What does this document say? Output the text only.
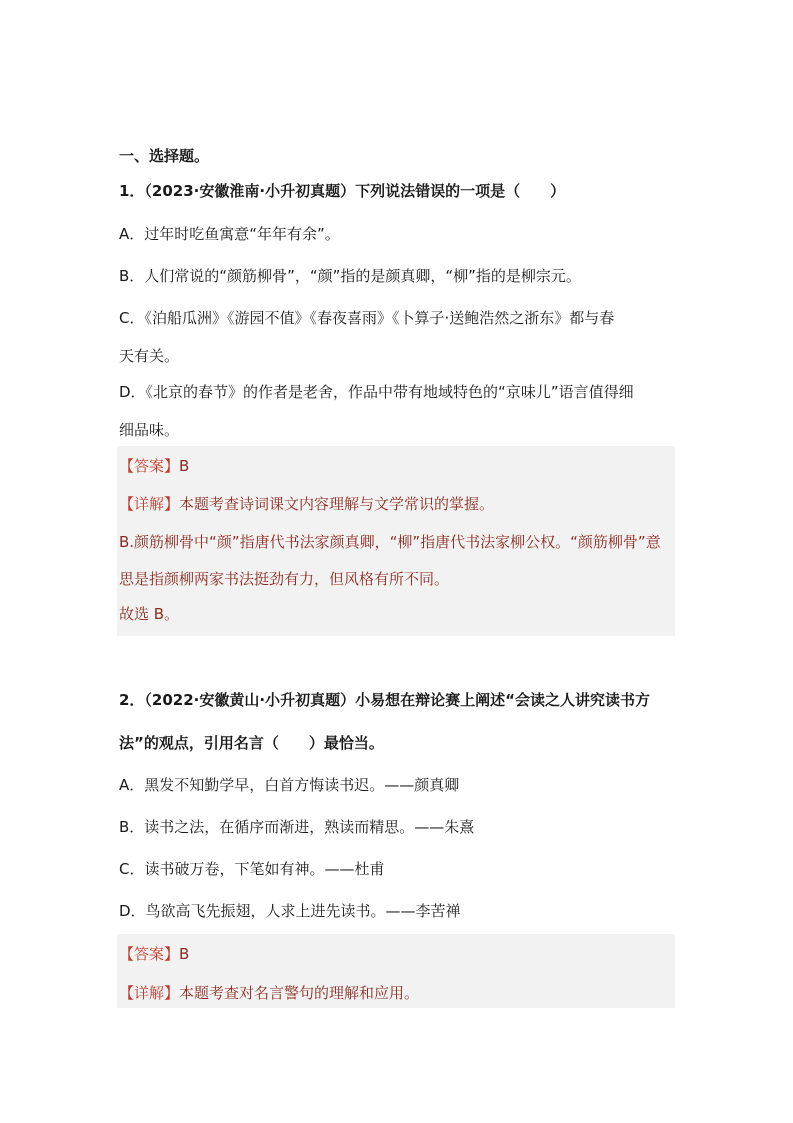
一、选择题。
1．（2023·安徽淮南·小升初真题）下列说法错误的一项是（　　）
A．过年时吃鱼寓意“年年有余”。
B．人们常说的“颜筋柳骨”，“颜”指的是颜真卿，“柳”指的是柳宗元。
C．《泊船瓜洲》《游园不值》《春夜喜雨》《卜算子·送鲍浩然之浙东》都与春
天有关。
D．《北京的春节》的作者是老舍，作品中带有地域特色的“京味儿”语言值得细
细品味。
【答案】B
【详解】本题考查诗词课文内容理解与文学常识的掌握。
B.颜筋柳骨中“颜”指唐代书法家颜真卿，“柳”指唐代书法家柳公权。“颜筋柳骨”意
思是指颜柳两家书法挺劲有力，但风格有所不同。
故选 B。
2．（2022·安徽黄山·小升初真题）小易想在辩论赛上阐述“会读之人讲究读书方
法”的观点，引用名言（　　）最恰当。
A．黑发不知勤学早，白首方悔读书迟。——颜真卿
B．读书之法，在循序而渐进，熟读而精思。——朱熹
C．读书破万卷，下笔如有神。——杜甫
D．鸟欲高飞先振翅，人求上进先读书。——李苦禅
【答案】B
【详解】本题考查对名言警句的理解和应用。
